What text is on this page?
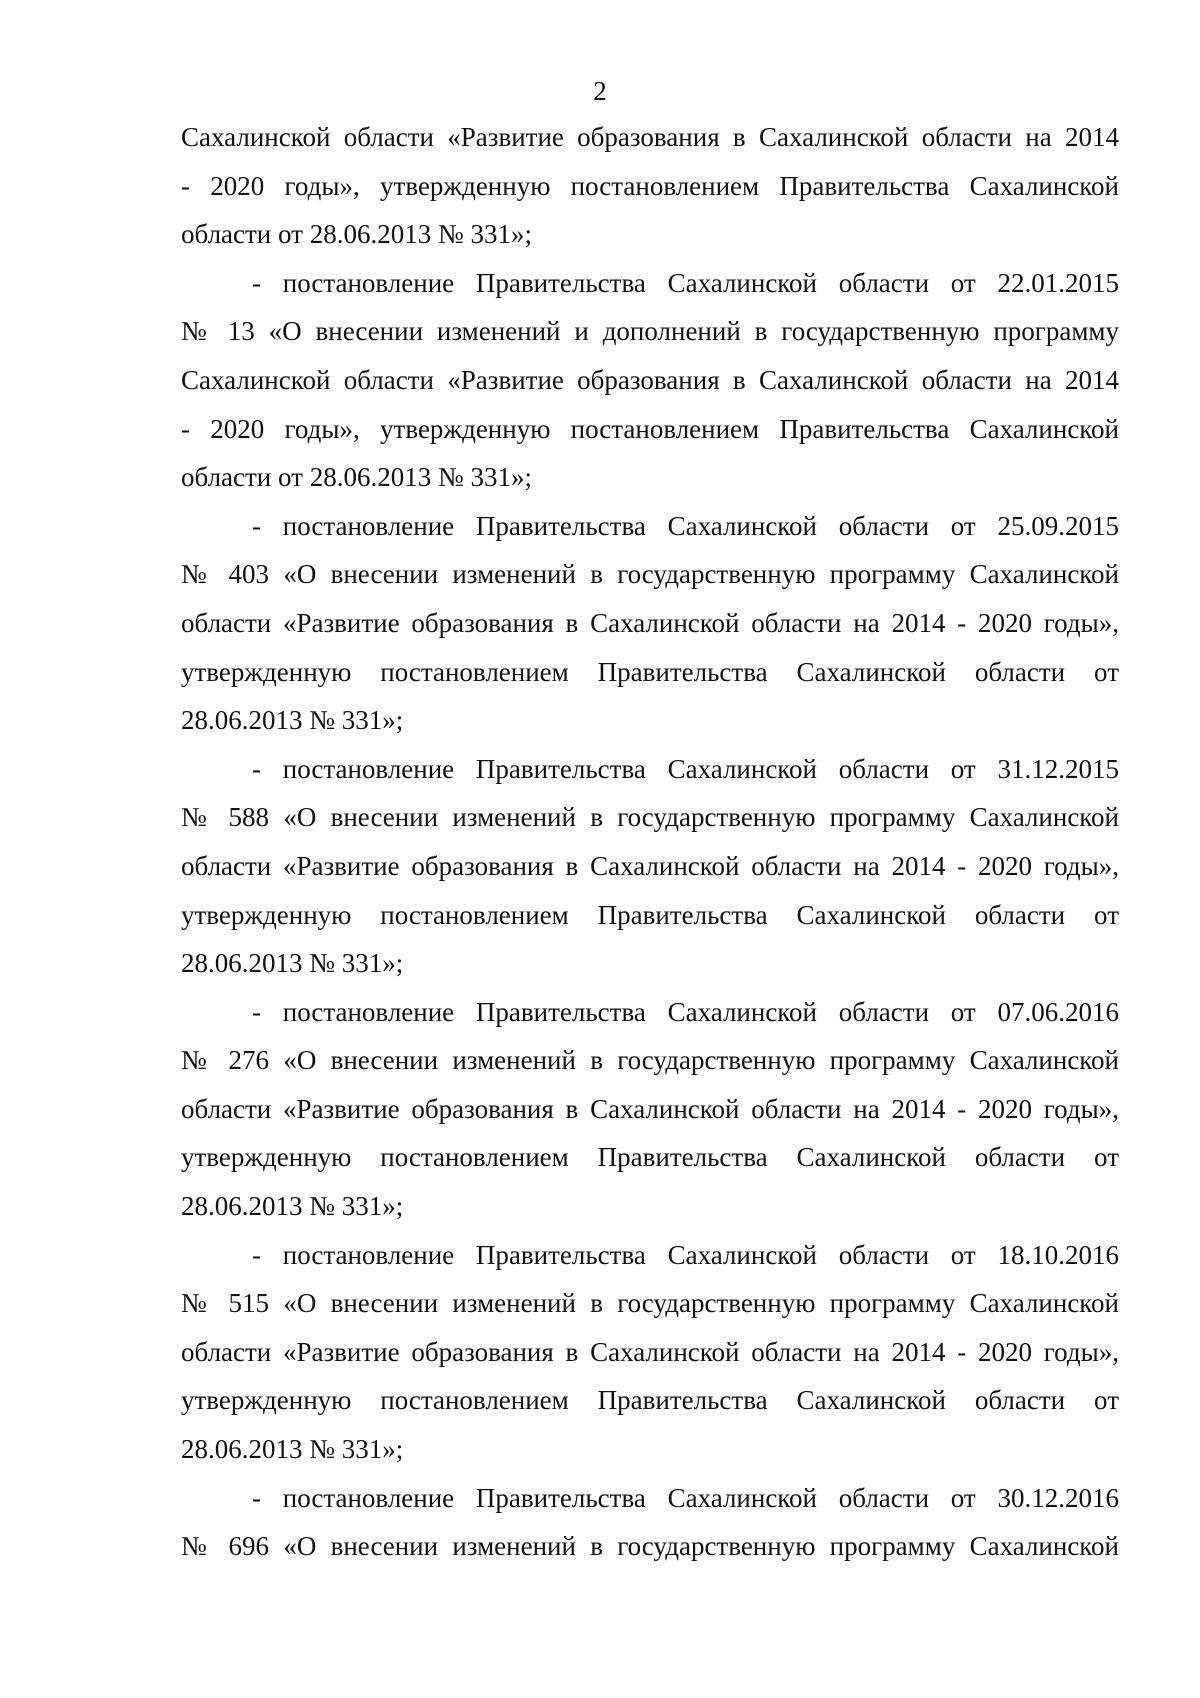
2
Сахалинской области «Развитие образования в Сахалинской области на 2014
- 2020 годы», утвержденную постановлением Правительства Сахалинской
области от 28.06.2013 № 331»;
- постановление Правительства Сахалинской области от 22.01.2015
№ 13 «О внесении изменений и дополнений в государственную программу
Сахалинской области «Развитие образования в Сахалинской области на 2014
- 2020 годы», утвержденную постановлением Правительства Сахалинской
области от 28.06.2013 № 331»;
- постановление Правительства Сахалинской области от 25.09.2015
№ 403 «О внесении изменений в государственную программу Сахалинской
области «Развитие образования в Сахалинской области на 2014 - 2020 годы»,
утвержденную постановлением Правительства Сахалинской области от
28.06.2013 № 331»;
- постановление Правительства Сахалинской области от 31.12.2015
№ 588 «О внесении изменений в государственную программу Сахалинской
области «Развитие образования в Сахалинской области на 2014 - 2020 годы»,
утвержденную постановлением Правительства Сахалинской области от
28.06.2013 № 331»;
- постановление Правительства Сахалинской области от 07.06.2016
№ 276 «О внесении изменений в государственную программу Сахалинской
области «Развитие образования в Сахалинской области на 2014 - 2020 годы»,
утвержденную постановлением Правительства Сахалинской области от
28.06.2013 № 331»;
- постановление Правительства Сахалинской области от 18.10.2016
№ 515 «О внесении изменений в государственную программу Сахалинской
области «Развитие образования в Сахалинской области на 2014 - 2020 годы»,
утвержденную постановлением Правительства Сахалинской области от
28.06.2013 № 331»;
- постановление Правительства Сахалинской области от 30.12.2016
№ 696 «О внесении изменений в государственную программу Сахалинской
